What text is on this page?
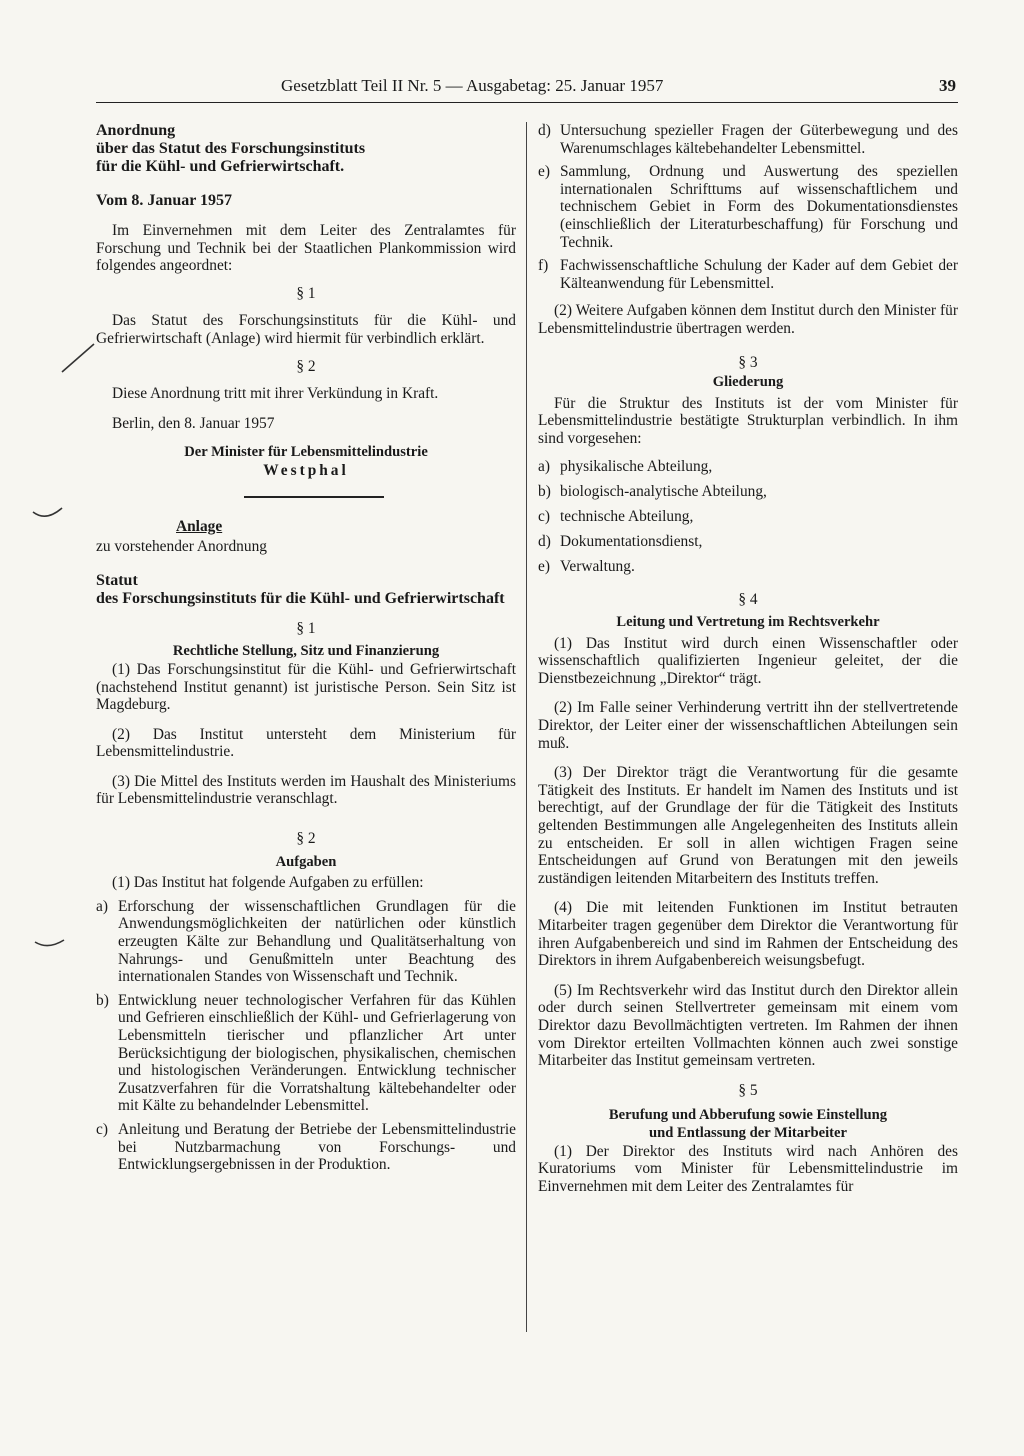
Gesetzblatt Teil II Nr. 5 — Ausgabetag: 25. Januar 1957	39

Anordnung

über das Statut des Forschungsinstituts

für die Kühl- und Gefrierwirtschaft.

Vom 8. Januar 1957

Im Einvernehmen mit dem Leiter des Zentralamtes für Forschung und Technik bei der Staatlichen Plankommission wird folgendes angeordnet:

§ 1

Das Statut des Forschungsinstituts für die Kühl- und Gefrierwirtschaft (Anlage) wird hiermit für verbindlich erklärt.

§ 2

Diese Anordnung tritt mit ihrer Verkündung in Kraft.

Berlin, den 8. Januar 1957

Der Minister für Lebensmittelindustrie

Westphal

Anlage

zu vorstehender Anordnung

Statut

des Forschungsinstituts für die Kühl- und Gefrierwirtschaft

§ 1

Rechtliche Stellung, Sitz und Finanzierung

(1) Das Forschungsinstitut für die Kühl- und Gefrierwirtschaft (nachstehend Institut genannt) ist juristische Person. Sein Sitz ist Magdeburg.

(2) Das Institut untersteht dem Ministerium für Lebensmittelindustrie.

(3) Die Mittel des Instituts werden im Haushalt des Ministeriums für Lebensmittelindustrie veranschlagt.

§ 2

Aufgaben

(1) Das Institut hat folgende Aufgaben zu erfüllen:

a) Erforschung der wissenschaftlichen Grundlagen für die Anwendungsmöglichkeiten der natürlichen oder künstlich erzeugten Kälte zur Behandlung und Qualitätserhaltung von Nahrungs- und Genußmitteln unter Beachtung des internationalen Standes von Wissenschaft und Technik.
b) Entwicklung neuer technologischer Verfahren für das Kühlen und Gefrieren einschließlich der Kühl- und Gefrierlagerung von Lebensmitteln tierischer und pflanzlicher Art unter Berücksichtigung der biologischen, physikalischen, chemischen und histologischen Veränderungen. Entwicklung technischer Zusatzverfahren für die Vorratshaltung kältebehandelter oder mit Kälte zu behandelnder Lebensmittel.
c) Anleitung und Beratung der Betriebe der Lebensmittelindustrie bei Nutzbarmachung von Forschungs- und Entwicklungsergebnissen in der Produktion.
d) Untersuchung spezieller Fragen der Güterbewegung und des Warenumschlages kältebehandelter Lebensmittel.
e) Sammlung, Ordnung und Auswertung des speziellen internationalen Schrifttums auf wissenschaftlichem und technischem Gebiet in Form des Dokumentationsdienstes (einschließlich der Literaturbeschaffung) für Forschung und Technik.
f) Fachwissenschaftliche Schulung der Kader auf dem Gebiet der Kälteanwendung für Lebensmittel.

(2) Weitere Aufgaben können dem Institut durch den Minister für Lebensmittelindustrie übertragen werden.

§ 3

Gliederung

Für die Struktur des Instituts ist der vom Minister für Lebensmittelindustrie bestätigte Strukturplan verbindlich. In ihm sind vorgesehen:

a) physikalische Abteilung,
b) biologisch-analytische Abteilung,
c) technische Abteilung,
d) Dokumentationsdienst,
e) Verwaltung.

§ 4

Leitung und Vertretung im Rechtsverkehr

(1) Das Institut wird durch einen Wissenschaftler oder wissenschaftlich qualifizierten Ingenieur geleitet, der die Dienstbezeichnung „Direktor“ trägt.

(2) Im Falle seiner Verhinderung vertritt ihn der stellvertretende Direktor, der Leiter einer der wissenschaftlichen Abteilungen sein muß.

(3) Der Direktor trägt die Verantwortung für die gesamte Tätigkeit des Instituts. Er handelt im Namen des Instituts und ist berechtigt, auf der Grundlage der für die Tätigkeit des Instituts geltenden Bestimmungen alle Angelegenheiten des Instituts allein zu entscheiden. Er soll in allen wichtigen Fragen seine Entscheidungen auf Grund von Beratungen mit den jeweils zuständigen leitenden Mitarbeitern des Instituts treffen.

(4) Die mit leitenden Funktionen im Institut betrauten Mitarbeiter tragen gegenüber dem Direktor die Verantwortung für ihren Aufgabenbereich und sind im Rahmen der Entscheidung des Direktors in ihrem Aufgabenbereich weisungsbefugt.

(5) Im Rechtsverkehr wird das Institut durch den Direktor allein oder durch seinen Stellvertreter gemeinsam mit einem vom Direktor dazu Bevollmächtigten vertreten. Im Rahmen der ihnen vom Direktor erteilten Vollmachten können auch zwei sonstige Mitarbeiter das Institut gemeinsam vertreten.

§ 5

Berufung und Abberufung sowie Einstellung

und Entlassung der Mitarbeiter

(1) Der Direktor des Instituts wird nach Anhören des Kuratoriums vom Minister für Lebensmittelindustrie im Einvernehmen mit dem Leiter des Zentralamtes für
